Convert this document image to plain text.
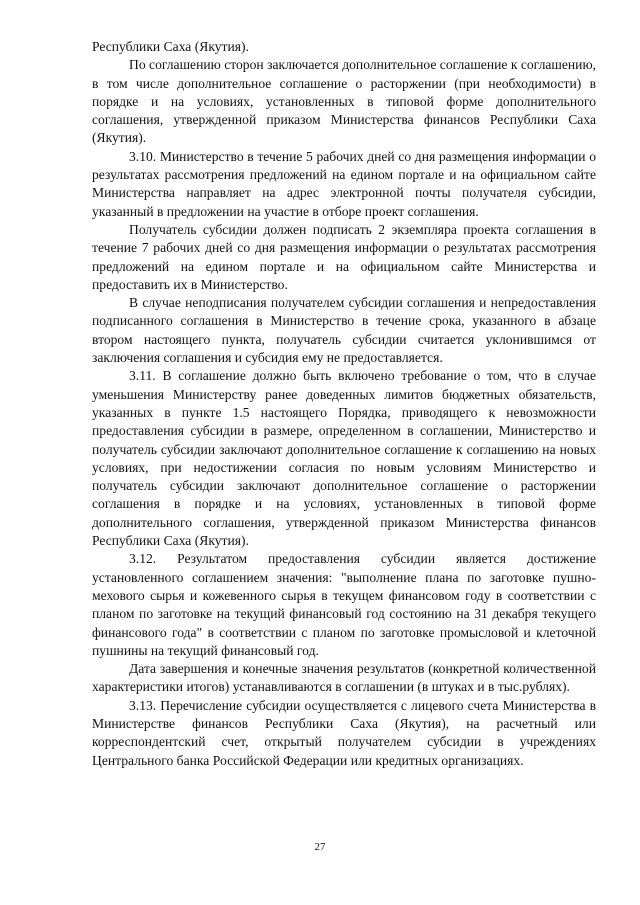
Республики Саха (Якутия).

По соглашению сторон заключается дополнительное соглашение к соглашению, в том числе дополнительное соглашение о расторжении (при необходимости) в порядке и на условиях, установленных в типовой форме дополнительного соглашения, утвержденной приказом Министерства финансов Республики Саха (Якутия).

3.10. Министерство в течение 5 рабочих дней со дня размещения информации о результатах рассмотрения предложений на едином портале и на официальном сайте Министерства направляет на адрес электронной почты получателя субсидии, указанный в предложении на участие в отборе проект соглашения.

Получатель субсидии должен подписать 2 экземпляра проекта соглашения в течение 7 рабочих дней со дня размещения информации о результатах рассмотрения предложений на едином портале и на официальном сайте Министерства и предоставить их в Министерство.

В случае неподписания получателем субсидии соглашения и непредоставления подписанного соглашения в Министерство в течение срока, указанного в абзаце втором настоящего пункта, получатель субсидии считается уклонившимся от заключения соглашения и субсидия ему не предоставляется.

3.11. В соглашение должно быть включено требование о том, что в случае уменьшения Министерству ранее доведенных лимитов бюджетных обязательств, указанных в пункте 1.5 настоящего Порядка, приводящего к невозможности предоставления субсидии в размере, определенном в соглашении, Министерство и получатель субсидии заключают дополнительное соглашение к соглашению на новых условиях, при недостижении согласия по новым условиям Министерство и получатель субсидии заключают дополнительное соглашение о расторжении соглашения в порядке и на условиях, установленных в типовой форме дополнительного соглашения, утвержденной приказом Министерства финансов Республики Саха (Якутия).

3.12. Результатом предоставления субсидии является достижение установленного соглашением значения: "выполнение плана по заготовке пушно-мехового сырья и кожевенного сырья в текущем финансовом году в соответствии с планом по заготовке на текущий финансовый год состоянию на 31 декабря текущего финансового года" в соответствии с планом по заготовке промысловой и клеточной пушнины на текущий финансовый год.

Дата завершения и конечные значения результатов (конкретной количественной характеристики итогов) устанавливаются в соглашении (в штуках и в тыс.рублях).

3.13. Перечисление субсидии осуществляется с лицевого счета Министерства в Министерстве финансов Республики Саха (Якутия), на расчетный или корреспондентский счет, открытый получателем субсидии в учреждениях Центрального банка Российской Федерации или кредитных организациях.

27
